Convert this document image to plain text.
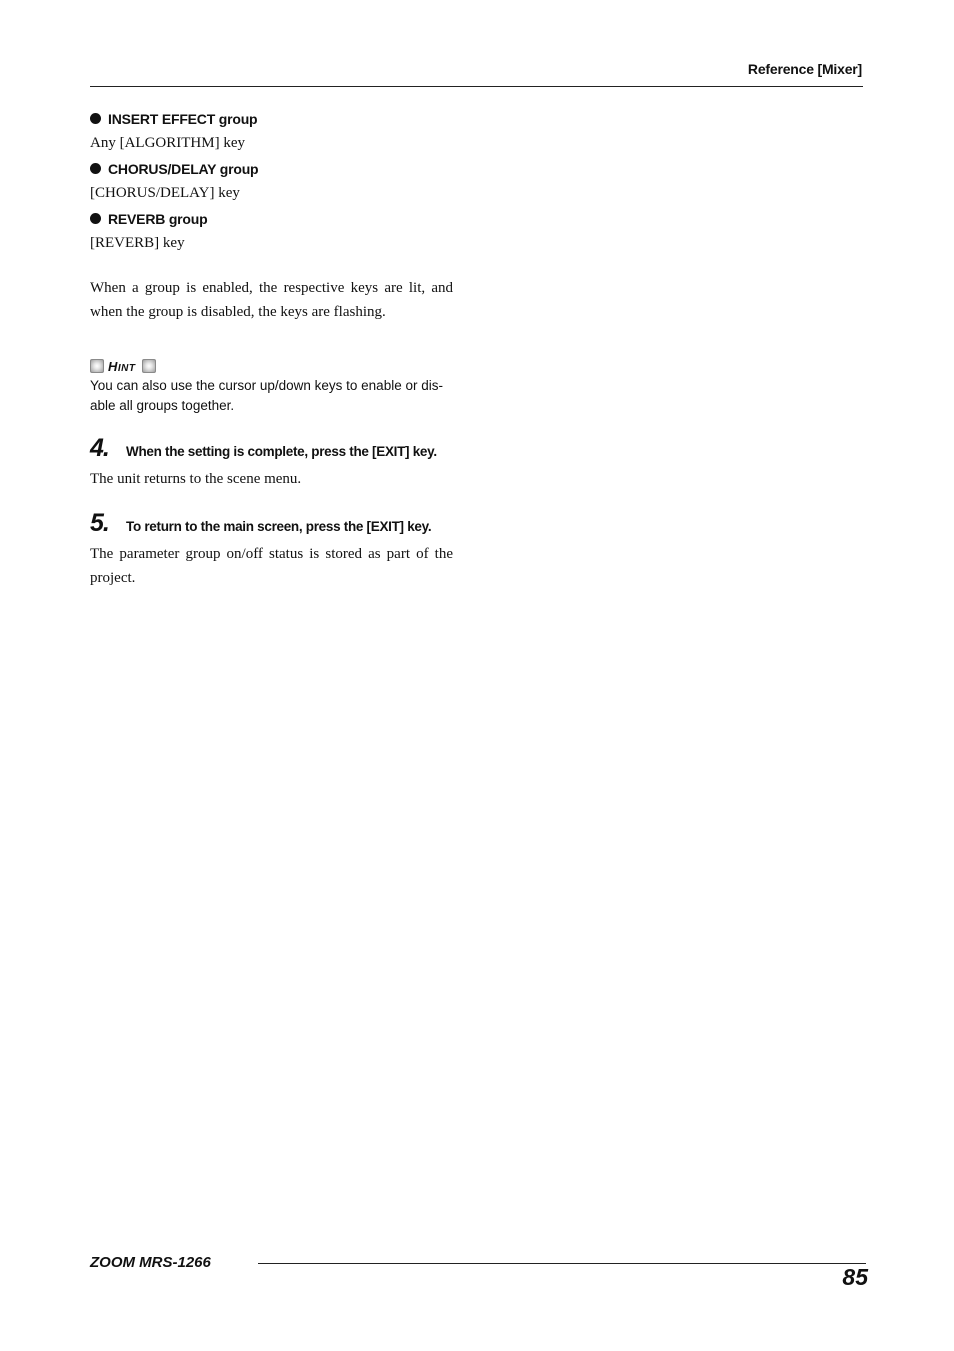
Reference [Mixer]
INSERT EFFECT group
Any [ALGORITHM] key
CHORUS/DELAY group
[CHORUS/DELAY] key
REVERB group
[REVERB] key

When a group is enabled, the respective keys are lit, and when the group is disabled, the keys are flashing.

HINT

You can also use the cursor up/down keys to enable or dis-able all groups together.

4.	When the setting is complete, press the [EXIT] key.

The unit returns to the scene menu.

5.	To return to the main screen, press the [EXIT] key.

The parameter group on/off status is stored as part of the project.

ZOOM MRS-1266
85
